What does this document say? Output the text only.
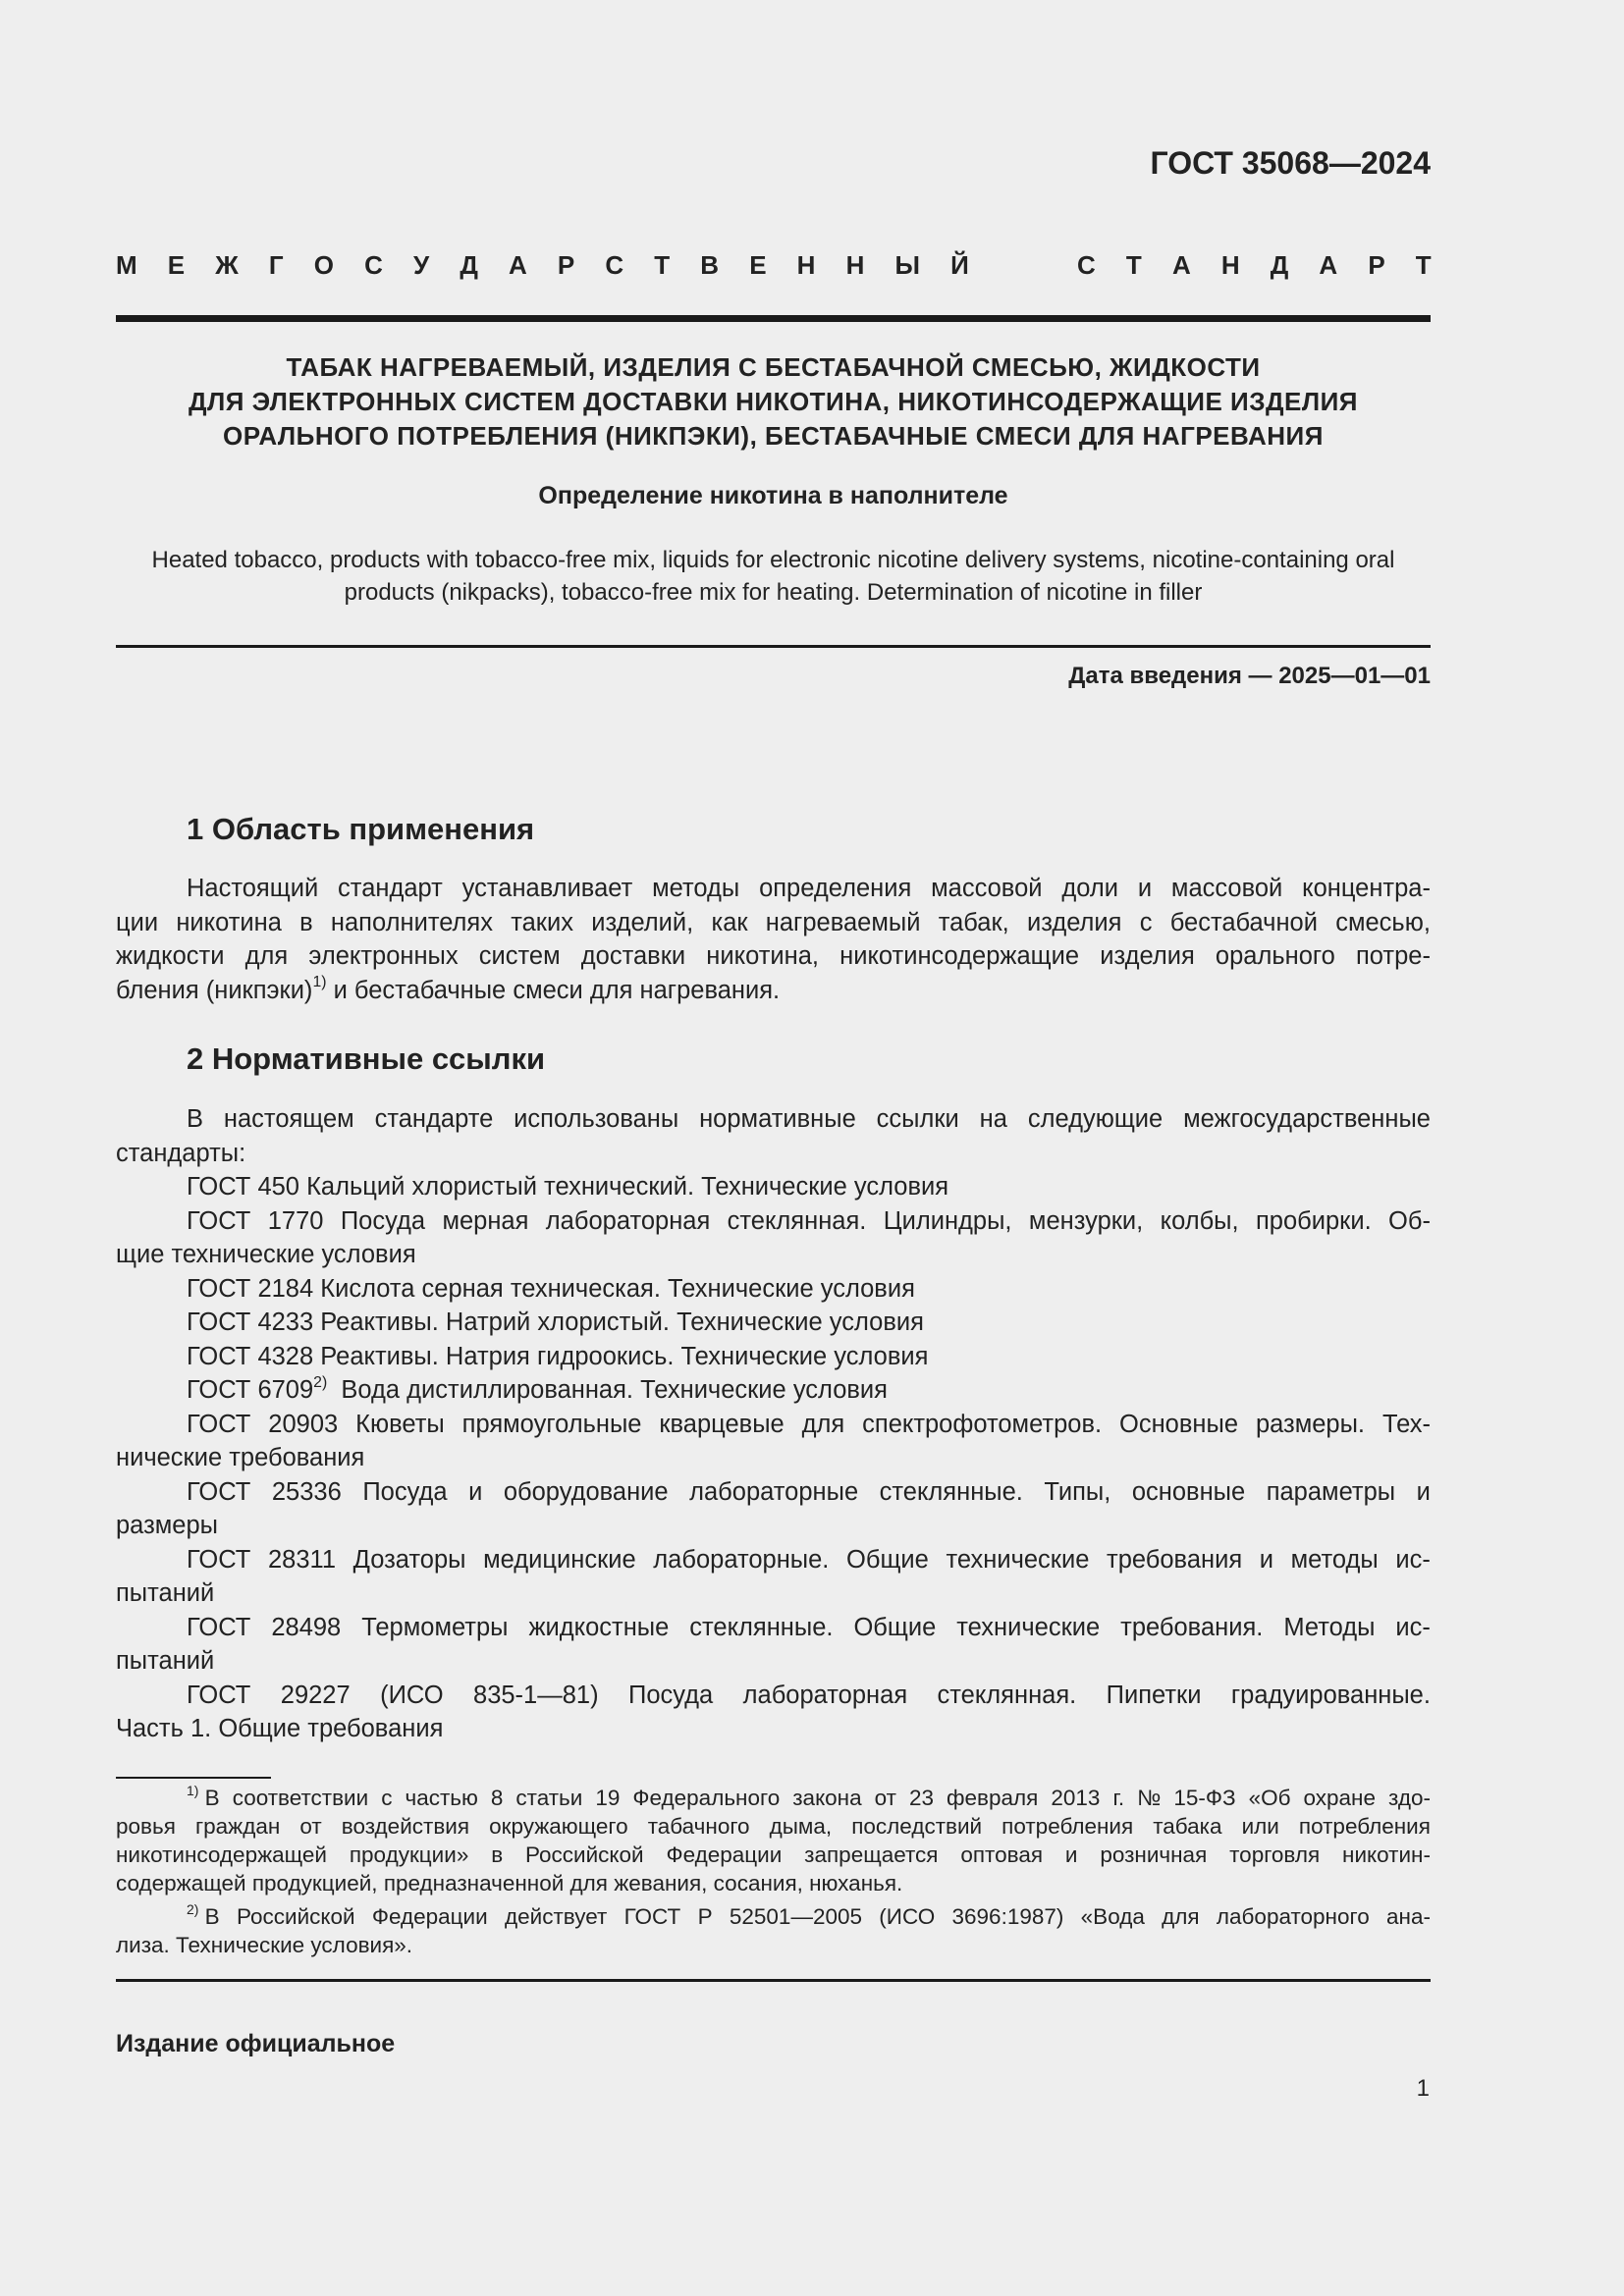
ГОСТ 35068—2024
М Е Ж Г О С У Д А Р С Т В Е Н Н Ы Й	С Т А Н Д А Р Т
ТАБАК НАГРЕВАЕМЫЙ, ИЗДЕЛИЯ С БЕСТАБАЧНОЙ СМЕСЬЮ, ЖИДКОСТИ
ДЛЯ ЭЛЕКТРОННЫХ СИСТЕМ ДОСТАВКИ НИКОТИНА, НИКОТИНСОДЕРЖАЩИЕ ИЗДЕЛИЯ
ОРАЛЬНОГО ПОТРЕБЛЕНИЯ (НИКПЭКИ), БЕСТАБАЧНЫЕ СМЕСИ ДЛЯ НАГРЕВАНИЯ
Определение никотина в наполнителе
Heated tobacco, products with tobacco-free mix, liquids for electronic nicotine delivery systems, nicotine-containing oral
products (nikpacks), tobacco-free mix for heating. Determination of nicotine in filler
Дата введения — 2025—01—01
1 Область применения
Настоящий стандарт устанавливает методы определения массовой доли и массовой концентра-
ции никотина в наполнителях таких изделий, как нагреваемый табак, изделия с бестабачной смесью,
жидкости для электронных систем доставки никотина, никотинсодержащие изделия орального потре-
бления (никпэки)$^{1)}$ и бестабачные смеси для нагревания.
2 Нормативные ссылки
В настоящем стандарте использованы нормативные ссылки на следующие межгосударственные
стандарты:
ГОСТ 450 Кальций хлористый технический. Технические условия
ГОСТ 1770 Посуда мерная лабораторная стеклянная. Цилиндры, мензурки, колбы, пробирки. Об-
щие технические условия
ГОСТ 2184 Кислота серная техническая. Технические условия
ГОСТ 4233 Реактивы. Натрий хлористый. Технические условия
ГОСТ 4328 Реактивы. Натрия гидроокись. Технические условия
ГОСТ 6709$^{2)}$  Вода дистиллированная. Технические условия
ГОСТ 20903 Кюветы прямоугольные кварцевые для спектрофотометров. Основные размеры. Тех-
нические требования
ГОСТ 25336 Посуда и оборудование лабораторные стеклянные. Типы, основные параметры и
размеры
ГОСТ 28311 Дозаторы медицинские лабораторные. Общие технические требования и методы ис-
пытаний
ГОСТ 28498 Термометры жидкостные стеклянные. Общие технические требования. Методы ис-
пытаний
ГОСТ 29227 (ИСО 835-1—81) Посуда лабораторная стеклянная. Пипетки градуированные.
Часть 1. Общие требования
$^{1)}$ В соответствии с частью 8 статьи 19 Федерального закона от 23 февраля 2013 г. № 15-ФЗ «Об охране здо-
ровья граждан от воздействия окружающего табачного дыма, последствий потребления табака или потребления
никотинсодержащей продукции» в Российской Федерации запрещается оптовая и розничная торговля никотин-
содержащей продукцией, предназначенной для жевания, сосания, нюханья.
$^{2)}$ В Российской Федерации действует ГОСТ Р 52501—2005 (ИСО 3696:1987) «Вода для лабораторного ана-
лиза. Технические условия».
Издание официальное
1
